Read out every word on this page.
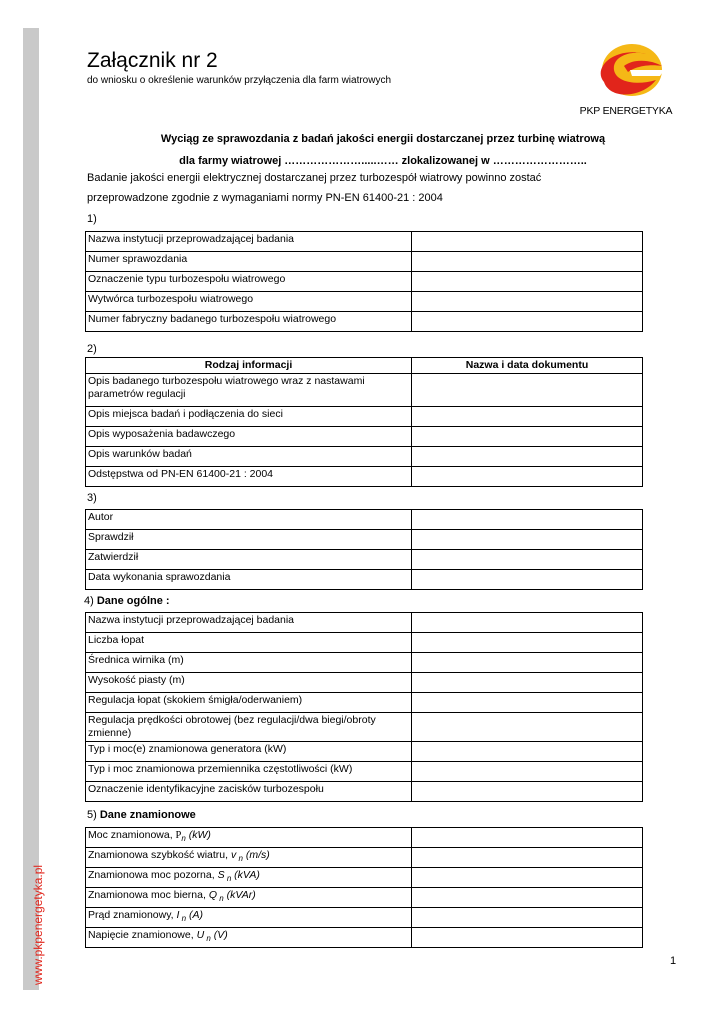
www.pkpenergetyka.pl
Załącznik nr 2
do wniosku o określenie warunków przyłączenia dla farm wiatrowych
PKP ENERGETYKA
Wyciąg ze sprawozdania z badań jakości energii dostarczanej przez turbinę wiatrową
dla farmy wiatrowej ………………….....…… zlokalizowanej w ……………………..
Badanie jakości energii elektrycznej dostarczanej przez turbozespół wiatrowy powinno zostać
przeprowadzone zgodnie z wymaganiami normy PN-EN 61400-21 : 2004
1)
Nazwa instytucji przeprowadzającej badania	
Numer sprawozdania	
Oznaczenie typu turbozespołu wiatrowego	
Wytwórca turbozespołu wiatrowego	
Numer fabryczny badanego turbozespołu wiatrowego	
2)
Rodzaj informacji	Nazwa i data dokumentu
Opis badanego turbozespołu wiatrowego wraz z nastawami parametrów regulacji	
Opis miejsca badań i podłączenia do sieci	
Opis wyposażenia badawczego	
Opis warunków badań	
Odstępstwa od PN-EN 61400-21 : 2004	
3)
Autor	
Sprawdził	
Zatwierdził	
Data wykonania sprawozdania	
4) Dane ogólne :
Nazwa instytucji przeprowadzającej badania	
Liczba łopat	
Średnica wirnika (m)	
Wysokość piasty (m)	
Regulacja łopat (skokiem śmigła/oderwaniem)	
Regulacja prędkości obrotowej (bez regulacji/dwa biegi/obroty zmienne)	
Typ i moc(e) znamionowa generatora (kW)	
Typ i moc znamionowa przemiennika częstotliwości (kW)	
Oznaczenie identyfikacyjne zacisków turbozespołu	
5) Dane znamionowe
Moc znamionowa, $P_n$ (kW)	
Znamionowa szybkość wiatru, v $_n$ (m/s)	
Znamionowa moc pozorna, S $_n$ (kVA)	
Znamionowa moc bierna, Q $_n$ (kVAr)	
Prąd znamionowy, I $_n$ (A)	
Napięcie znamionowe, U $_n$ (V)	
1
